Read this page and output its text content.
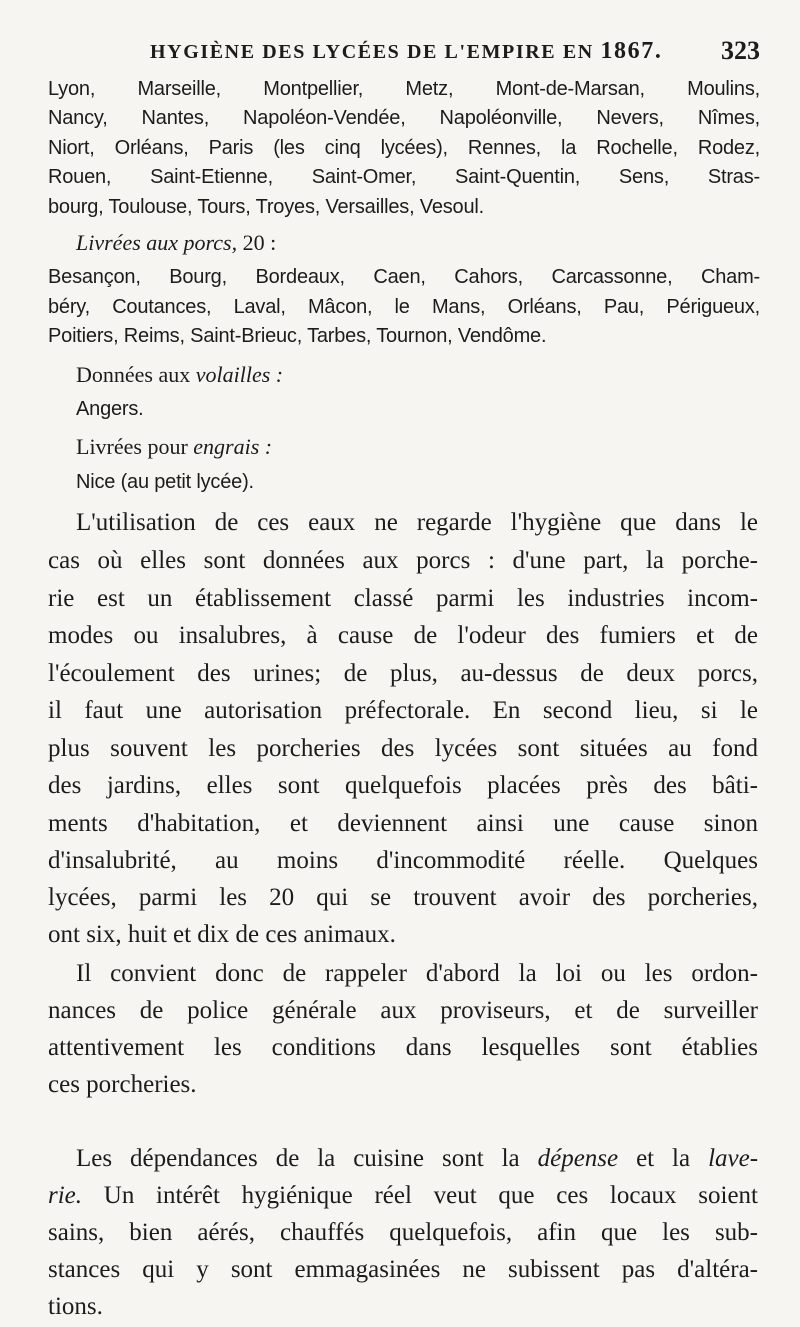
HYGIÈNE DES LYCÉES DE L'EMPIRE EN 1867. 323
Lyon, Marseille, Montpellier, Metz, Mont-de-Marsan, Moulins,
Nancy, Nantes, Napoléon-Vendée, Napoléonville, Nevers, Nîmes,
Niort, Orléans, Paris (les cinq lycées), Rennes, la Rochelle, Rodez,
Rouen, Saint-Etienne, Saint-Omer, Saint-Quentin, Sens, Stras-
bourg, Toulouse, Tours, Troyes, Versailles, Vesoul.
Livrées aux porcs, 20 :
Besançon, Bourg, Bordeaux, Caen, Cahors, Carcassonne, Cham-
béry, Coutances, Laval, Mâcon, le Mans, Orléans, Pau, Périgueux,
Poitiers, Reims, Saint-Brieuc, Tarbes, Tournon, Vendôme.
Données aux volailles :
Angers.
Livrées pour engrais :
Nice (au petit lycée).
L'utilisation de ces eaux ne regarde l'hygiène que dans le
cas où elles sont données aux porcs : d'une part, la porche-
rie est un établissement classé parmi les industries incom-
modes ou insalubres, à cause de l'odeur des fumiers et de
l'écoulement des urines; de plus, au-dessus de deux porcs,
il faut une autorisation préfectorale. En second lieu, si le
plus souvent les porcheries des lycées sont situées au fond
des jardins, elles sont quelquefois placées près des bâti-
ments d'habitation, et deviennent ainsi une cause sinon
d'insalubrité, au moins d'incommodité réelle. Quelques
lycées, parmi les 20 qui se trouvent avoir des porcheries,
ont six, huit et dix de ces animaux.
Il convient donc de rappeler d'abord la loi ou les ordon-
nances de police générale aux proviseurs, et de surveiller
attentivement les conditions dans lesquelles sont établies
ces porcheries.
Les dépendances de la cuisine sont la dépense et la lave-
rie. Un intérêt hygiénique réel veut que ces locaux soient
sains, bien aérés, chauffés quelquefois, afin que les sub-
stances qui y sont emmagasinées ne subissent pas d'altéra-
tions.
